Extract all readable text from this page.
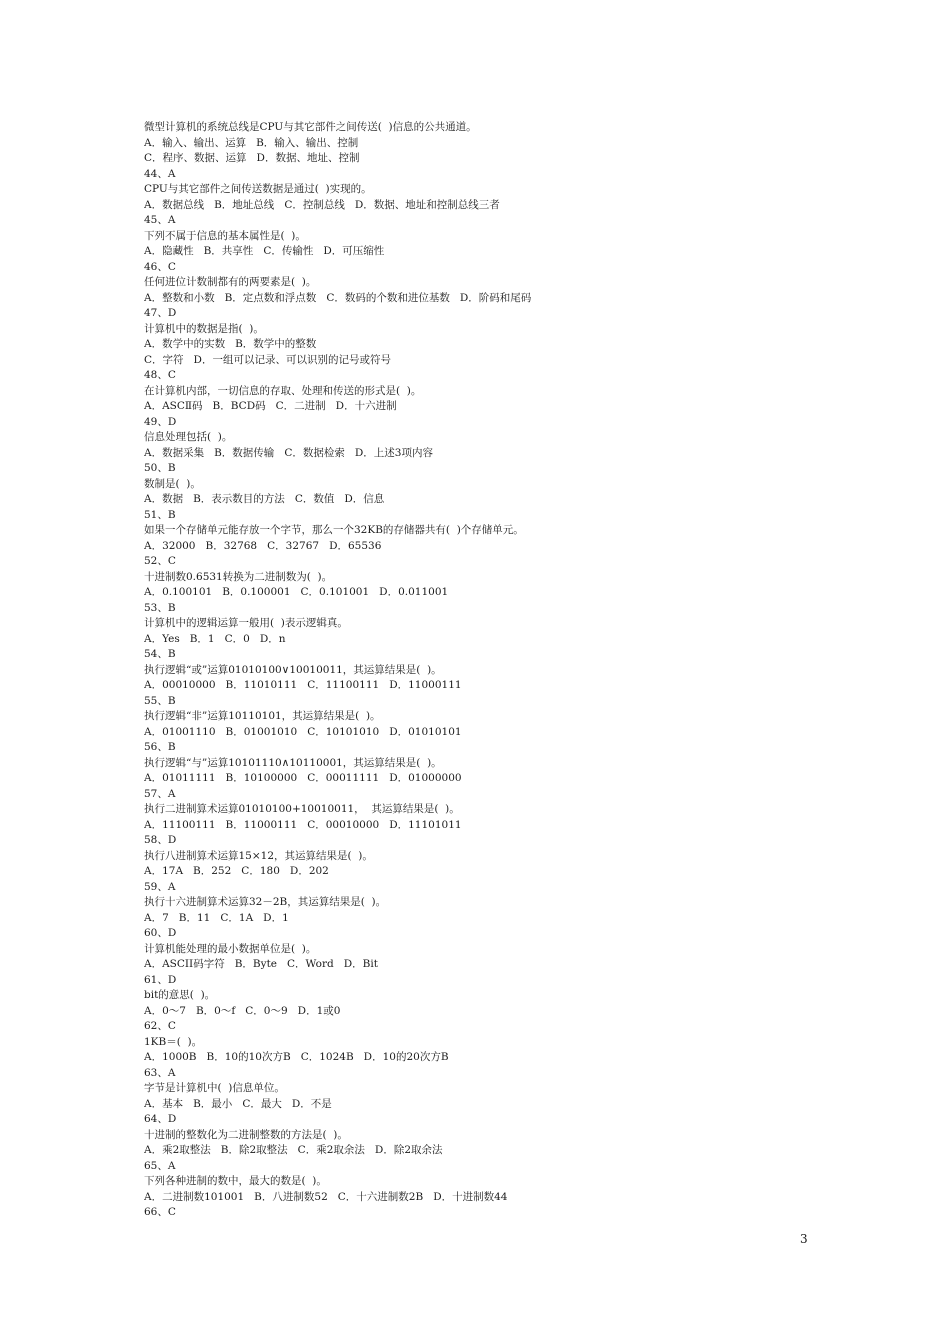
微型计算机的系统总线是CPU与其它部件之间传送(  )信息的公共通道。
A．输入、输出、运算   B．输入、输出、控制
C．程序、数据、运算   D．数据、地址、控制
44、A
CPU与其它部件之间传送数据是通过(  )实现的。
A．数据总线   B．地址总线   C．控制总线   D．数据、地址和控制总线三者
45、A
下列不属于信息的基本属性是(  )。
A．隐藏性   B．共享性   C．传输性   D．可压缩性
46、C
任何进位计数制都有的两要素是(  )。
A．整数和小数   B．定点数和浮点数   C．数码的个数和进位基数   D．阶码和尾码
47、D
计算机中的数据是指(  )。
A．数学中的实数   B．数学中的整数
C．字符   D．一组可以记录、可以识别的记号或符号
48、C
在计算机内部，一切信息的存取、处理和传送的形式是(  )。
A．ASCⅡ码   B．BCD码   C．二进制   D．十六进制
49、D
信息处理包括(  )。
A．数据采集   B．数据传输   C．数据检索   D．上述3项内容
50、B
数制是(  )。
A．数据   B．表示数目的方法   C．数值   D．信息
51、B
如果一个存储单元能存放一个字节，那么一个32KB的存储器共有(  )个存储单元。
A．32000   B．32768   C．32767   D．65536
52、C
十进制数0.6531转换为二进制数为(  )。
A．0.100101   B．0.100001   C．0.101001   D．0.011001
53、B
计算机中的逻辑运算一般用(  )表示逻辑真。
A．Yes   B．1   C．0   D．n
54、B
执行逻辑“或”运算01010100∨10010011，其运算结果是(  )。
A．00010000   B．11010111   C．11100111   D．11000111
55、B
执行逻辑“非”运算10110101，其运算结果是(  )。
A．01001110   B．01001010   C．10101010   D．01010101
56、B
执行逻辑“与”运算10101110∧10110001，其运算结果是(  )。
A．01011111   B．10100000   C．00011111   D．01000000
57、A
执行二进制算术运算01010100+10010011，  其运算结果是(  )。
A．11100111   B．11000111   C．00010000   D．11101011
58、D
执行八进制算术运算15×12，其运算结果是(  )。
A．17A   B．252   C．180   D．202
59、A
执行十六进制算术运算32－2B，其运算结果是(  )。
A．7   B．11   C．1A   D．1
60、D
计算机能处理的最小数据单位是(  )。
A．ASCII码字符   B．Byte   C．Word   D．Bit
61、D
bit的意思(  )。
A．0～7   B．0～f   C．0～9   D．1或0
62、C
1KB＝(  )。
A．1000B   B．10的10次方B   C．1024B   D．10的20次方B
63、A
字节是计算机中(  )信息单位。
A．基本   B．最小   C．最大   D．不是
64、D
十进制的整数化为二进制整数的方法是(  )。
A．乘2取整法   B．除2取整法   C．乘2取余法   D．除2取余法
65、A
下列各种进制的数中，最大的数是(  )。
A．二进制数101001   B．八进制数52   C．十六进制数2B   D．十进制数44
66、C
3
